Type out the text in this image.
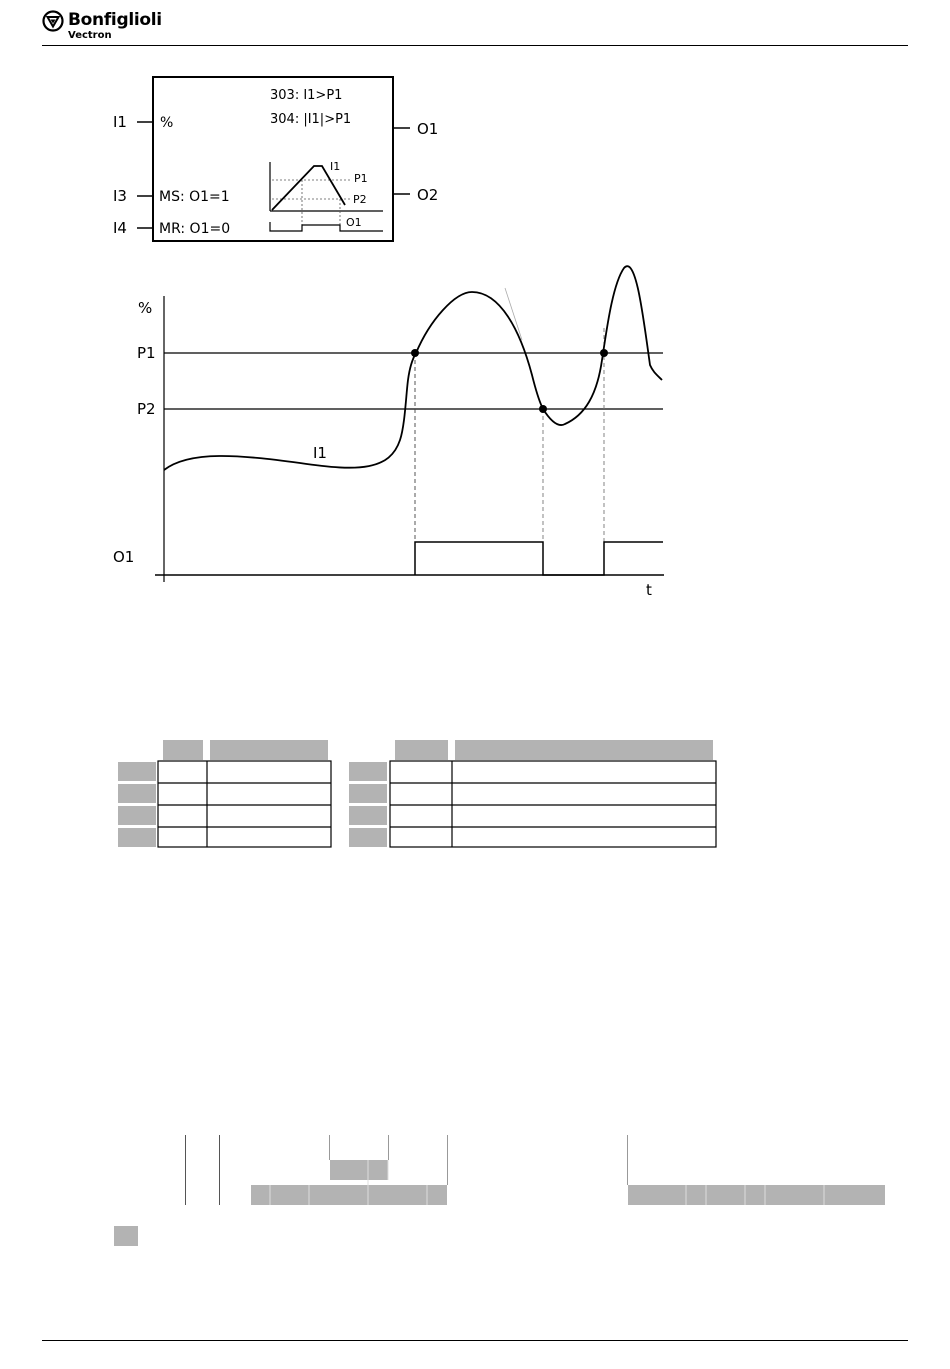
Bonfiglioli
Vectron
I1
I3
I4
O1
O2
%
MS: O1=1
MR: O1=0
303: I1>P1
304: |I1|>P1
I1
P1
P2
O1
%
P1
P2
O1
t
I1
